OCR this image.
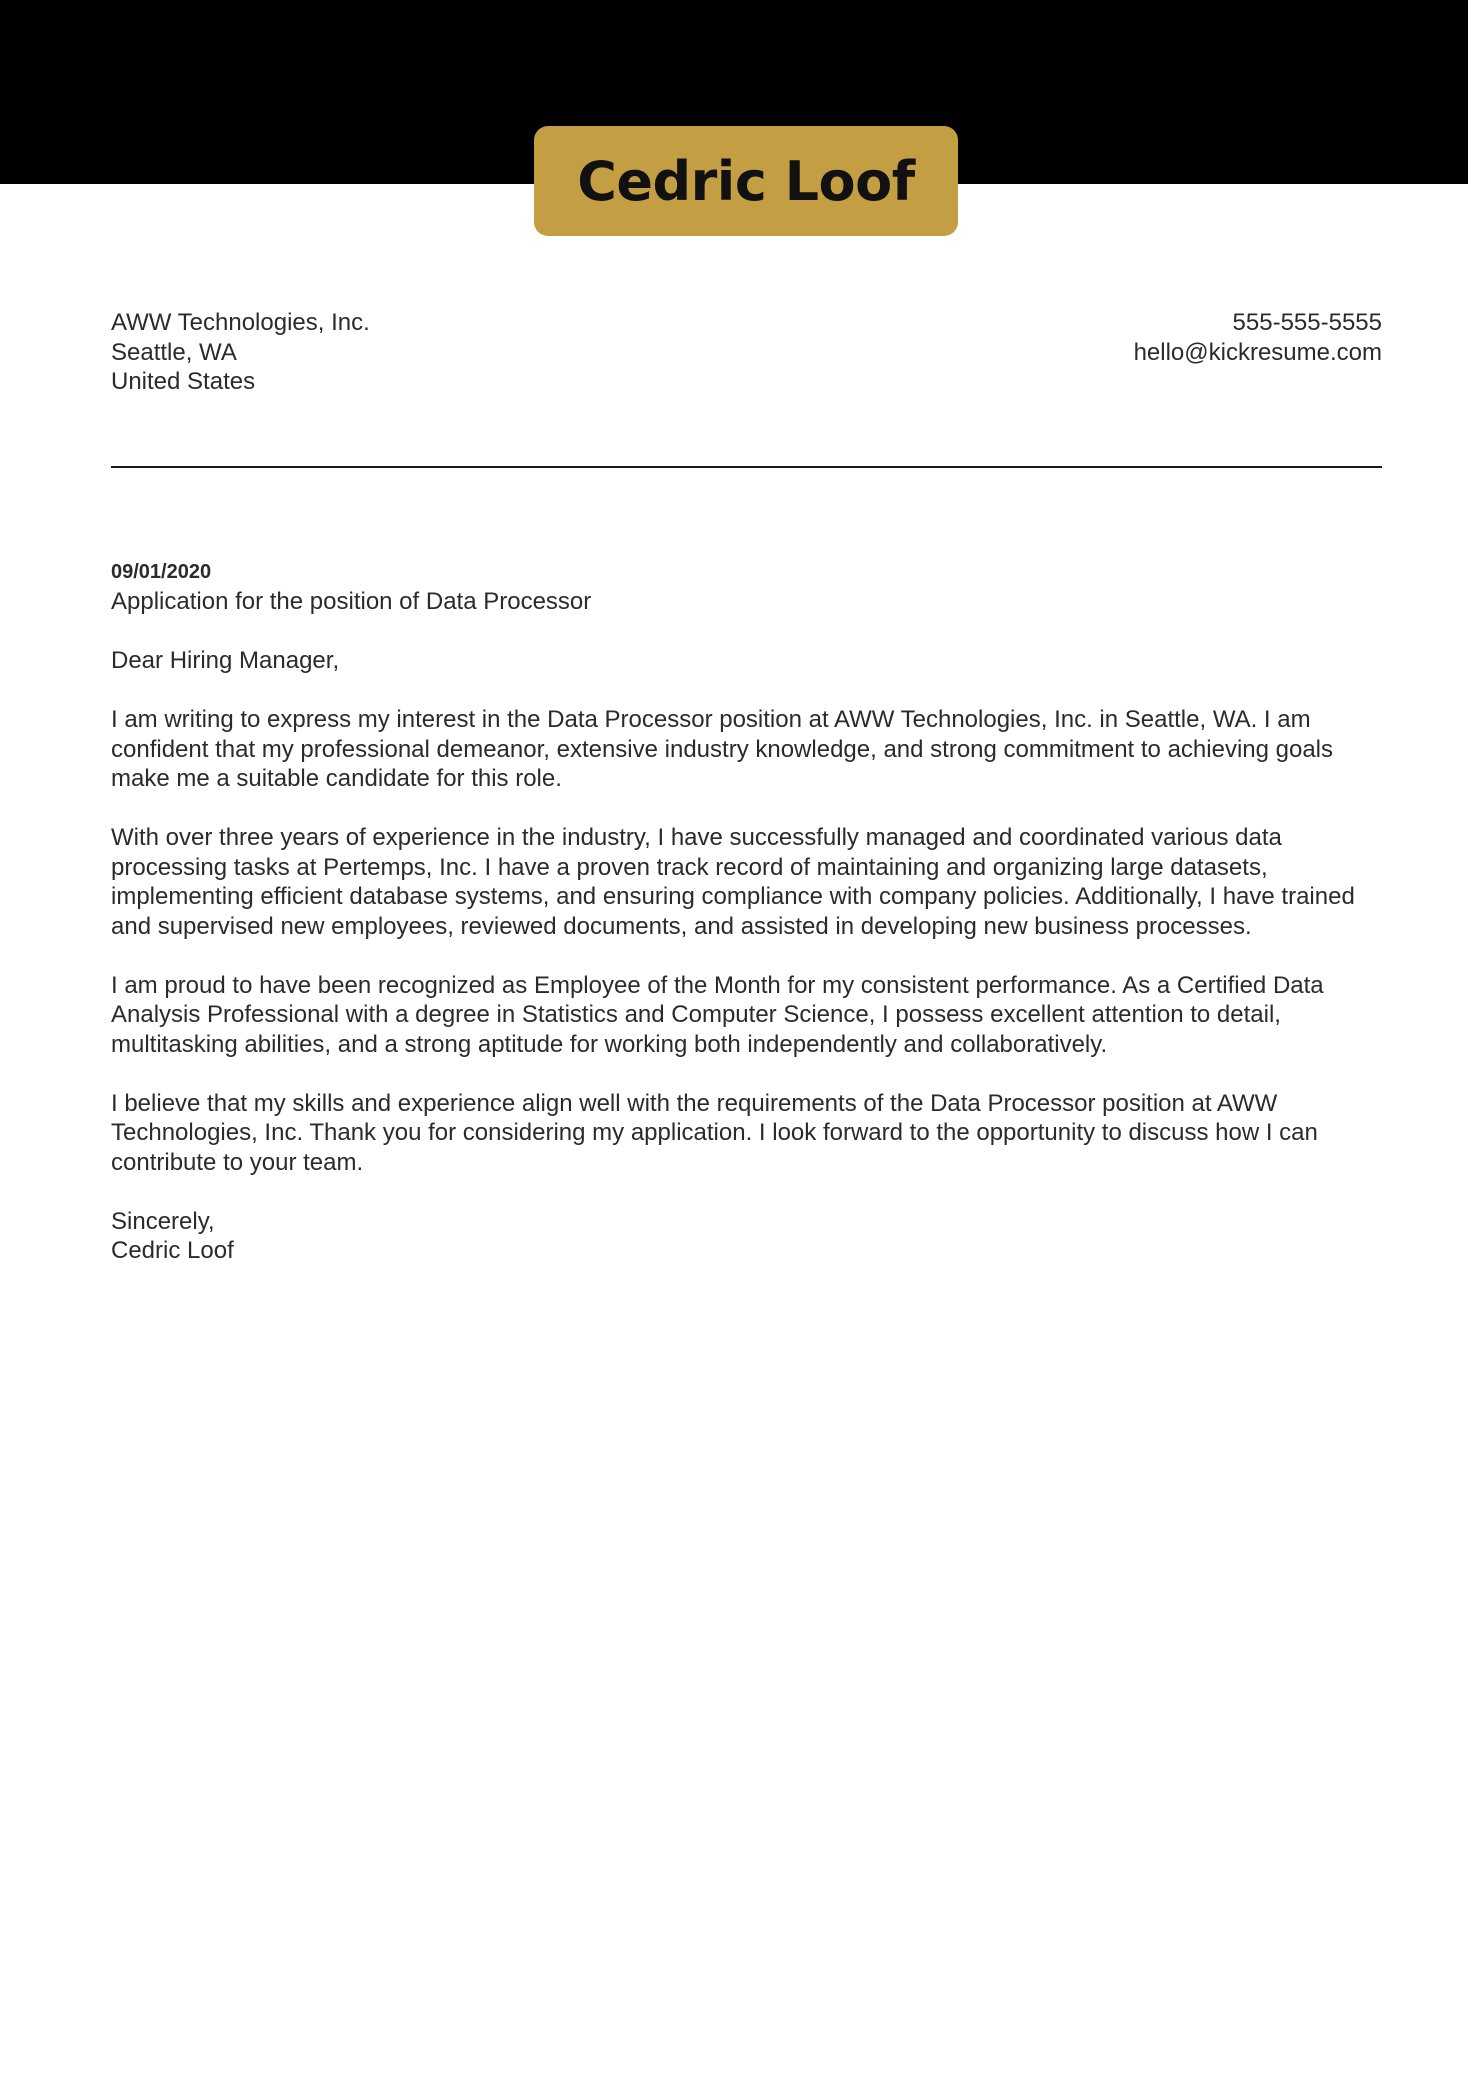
Cedric Loof
AWW Technologies, Inc.
Seattle, WA
United States
555-555-5555
hello@kickresume.com
09/01/2020
Application for the position of Data Processor
Dear Hiring Manager,

I am writing to express my interest in the Data Processor position at AWW Technologies, Inc. in Seattle, WA. I am confident that my professional demeanor, extensive industry knowledge, and strong commitment to achieving goals make me a suitable candidate for this role.

With over three years of experience in the industry, I have successfully managed and coordinated various data processing tasks at Pertemps, Inc. I have a proven track record of maintaining and organizing large datasets, implementing efficient database systems, and ensuring compliance with company policies. Additionally, I have trained and supervised new employees, reviewed documents, and assisted in developing new business processes.

I am proud to have been recognized as Employee of the Month for my consistent performance. As a Certified Data Analysis Professional with a degree in Statistics and Computer Science, I possess excellent attention to detail, multitasking abilities, and a strong aptitude for working both independently and collaboratively.

I believe that my skills and experience align well with the requirements of the Data Processor position at AWW Technologies, Inc. Thank you for considering my application. I look forward to the opportunity to discuss how I can contribute to your team.

Sincerely,
Cedric Loof
